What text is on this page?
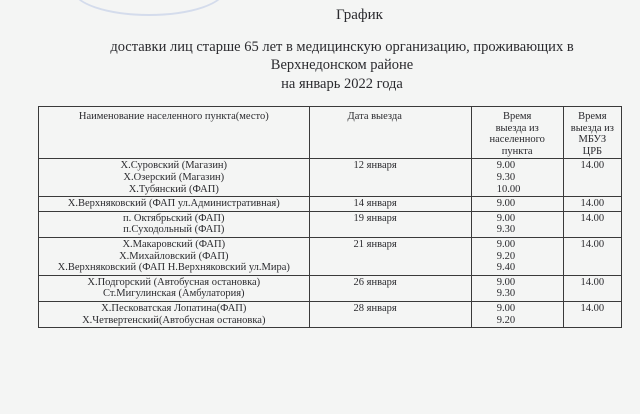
График
доставки лиц старше 65 лет в медицинскую организацию, проживающих в
Верхнедонском районе
на январь 2022 года
Наименование населенного пункта(место)	Дата выезда	Время
выезда из
населенного
пункта	Время
выезда из
МБУЗ
ЦРБ

Х.Суровский (Магазин)
Х.Озерский (Магазин)
Х.Тубянский (ФАП)	12 января	9.00
9.30
10.00	14.00

Х.Верхняковский (ФАП ул.Административная)	14 января	9.00	14.00

п. Октябрьский (ФАП)
п.Суходольный (ФАП)	19 января	9.00
9.30	14.00

Х.Макаровский (ФАП)
Х.Михайловский (ФАП)
Х.Верхняковский (ФАП Н.Верхняковский ул.Мира)	21 января	9.00
9.20
9.40	14.00

Х.Подгорский (Автобусная остановка)
Ст.Мигулинская (Амбулатория)	26 января	9.00
9.30	14.00

Х.Песковатская Лопатина(ФАП)
Х.Четвертенский(Автобусная остановка)	28 января	9.00
9.20	14.00
